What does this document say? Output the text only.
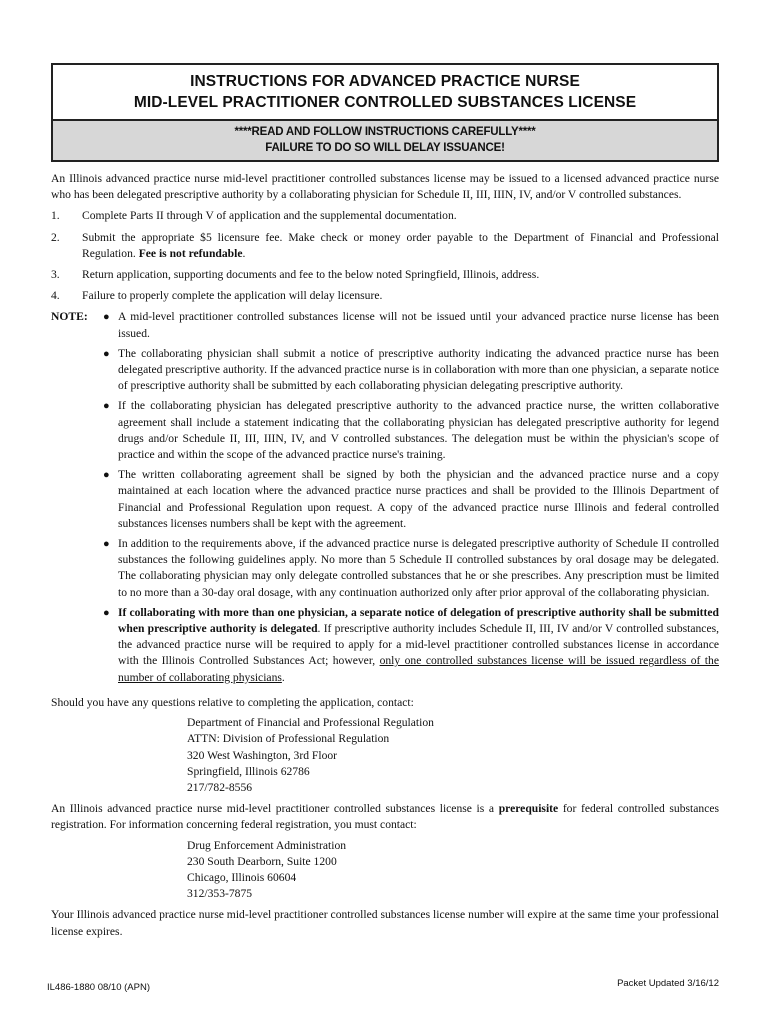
INSTRUCTIONS FOR ADVANCED PRACTICE NURSE
MID-LEVEL PRACTITIONER CONTROLLED SUBSTANCES LICENSE
****READ AND FOLLOW INSTRUCTIONS CAREFULLY****
FAILURE TO DO SO WILL DELAY ISSUANCE!
An Illinois advanced practice nurse mid-level practitioner controlled substances license may be issued to a licensed advanced practice nurse who has been delegated prescriptive authority by a collaborating physician for Schedule II, III, IIIN, IV, and/or V controlled substances.
1.	Complete Parts II through V of application and the supplemental documentation.
2.	Submit the appropriate $5 licensure fee. Make check or money order payable to the Department of Financial and Professional Regulation. Fee is not refundable.
3.	Return application, supporting documents and fee to the below noted Springfield, Illinois, address.
4.	Failure to properly complete the application will delay licensure.
NOTE:	● A mid-level practitioner controlled substances license will not be issued until your advanced practice nurse license has been issued.
● The collaborating physician shall submit a notice of prescriptive authority indicating the advanced practice nurse has been delegated prescriptive authority. If the advanced practice nurse is in collaboration with more than one physician, a separate notice of prescriptive authority shall be submitted by each collaborating physician delegating prescriptive authority.
● If the collaborating physician has delegated prescriptive authority to the advanced practice nurse, the written collaborative agreement shall include a statement indicating that the collaborating physician has delegated prescriptive authority for legend drugs and/or Schedule II, III, IIIN, IV, and V controlled substances. The delegation must be within the physician's scope of practice and within the scope of the advanced practice nurse's training.
● The written collaborating agreement shall be signed by both the physician and the advanced practice nurse and a copy maintained at each location where the advanced practice nurse practices and shall be provided to the Illinois Department of Financial and Professional Regulation upon request. A copy of the advanced practice nurse Illinois and federal controlled substances licenses numbers shall be kept with the agreement.
● In addition to the requirements above, if the advanced practice nurse is delegated prescriptive authority of Schedule II controlled substances the following guidelines apply. No more than 5 Schedule II controlled substances by oral dosage may be delegated. The collaborating physician may only delegate controlled substances that he or she prescribes. Any prescription must be limited to no more than a 30-day oral dosage, with any continuation authorized only after prior approval of the collaborating physician.
● If collaborating with more than one physician, a separate notice of delegation of prescriptive authority shall be submitted when prescriptive authority is delegated. If prescriptive authority includes Schedule II, III, IV and/or V controlled substances, the advanced practice nurse will be required to apply for a mid-level practitioner controlled substances license in accordance with the Illinois Controlled Substances Act; however, only one controlled substances license will be issued regardless of the number of collaborating physicians.
Should you have any questions relative to completing the application, contact:
Department of Financial and Professional Regulation
ATTN: Division of Professional Regulation
320 West Washington, 3rd Floor
Springfield, Illinois 62786
217/782-8556
An Illinois advanced practice nurse mid-level practitioner controlled substances license is a prerequisite for federal controlled substances registration. For information concerning federal registration, you must contact:
Drug Enforcement Administration
230 South Dearborn, Suite 1200
Chicago, Illinois 60604
312/353-7875
Your Illinois advanced practice nurse mid-level practitioner controlled substances license number will expire at the same time your professional license expires.
IL486-1880 08/10 (APN)	Packet Updated 3/16/12
